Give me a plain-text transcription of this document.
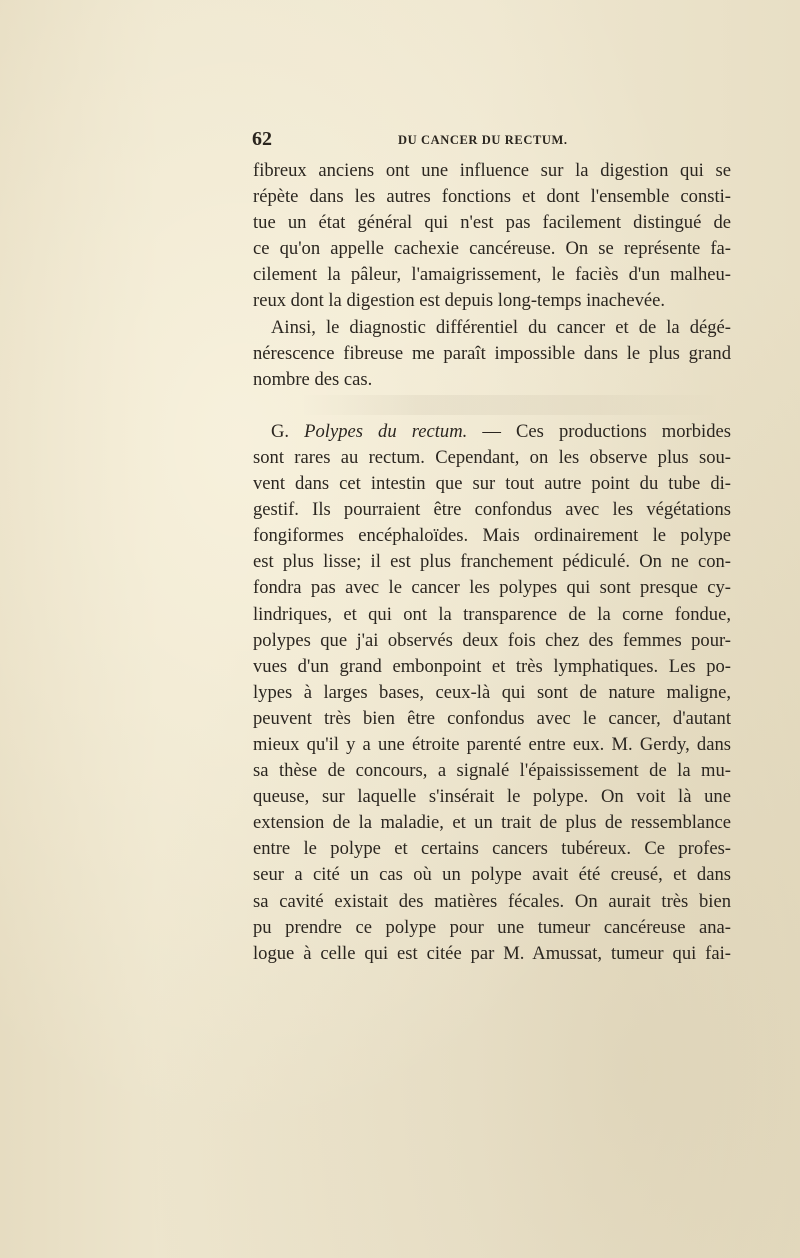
62	DU CANCER DU RECTUM.
fibreux anciens ont une influence sur la digestion qui se
répète dans les autres fonctions et dont l'ensemble consti-
tue un état général qui n'est pas facilement distingué de
ce qu'on appelle cachexie cancéreuse. On se représente fa-
cilement la pâleur, l'amaigrissement, le faciès d'un malheu-
reux dont la digestion est depuis long-temps inachevée.
Ainsi, le diagnostic différentiel du cancer et de la dégé-
nérescence fibreuse me paraît impossible dans le plus grand
nombre des cas.
G. Polypes du rectum. — Ces productions morbides
sont rares au rectum. Cependant, on les observe plus sou-
vent dans cet intestin que sur tout autre point du tube di-
gestif. Ils pourraient être confondus avec les végétations
fongiformes encéphaloïdes. Mais ordinairement le polype
est plus lisse; il est plus franchement pédiculé. On ne con-
fondra pas avec le cancer les polypes qui sont presque cy-
lindriques, et qui ont la transparence de la corne fondue,
polypes que j'ai observés deux fois chez des femmes pour-
vues d'un grand embonpoint et très lymphatiques. Les po-
lypes à larges bases, ceux-là qui sont de nature maligne,
peuvent très bien être confondus avec le cancer, d'autant
mieux qu'il y a une étroite parenté entre eux. M. Gerdy, dans
sa thèse de concours, a signalé l'épaississement de la mu-
queuse, sur laquelle s'insérait le polype. On voit là une
extension de la maladie, et un trait de plus de ressemblance
entre le polype et certains cancers tubéreux. Ce profes-
seur a cité un cas où un polype avait été creusé, et dans
sa cavité existait des matières fécales. On aurait très bien
pu prendre ce polype pour une tumeur cancéreuse ana-
logue à celle qui est citée par M. Amussat, tumeur qui fai-
